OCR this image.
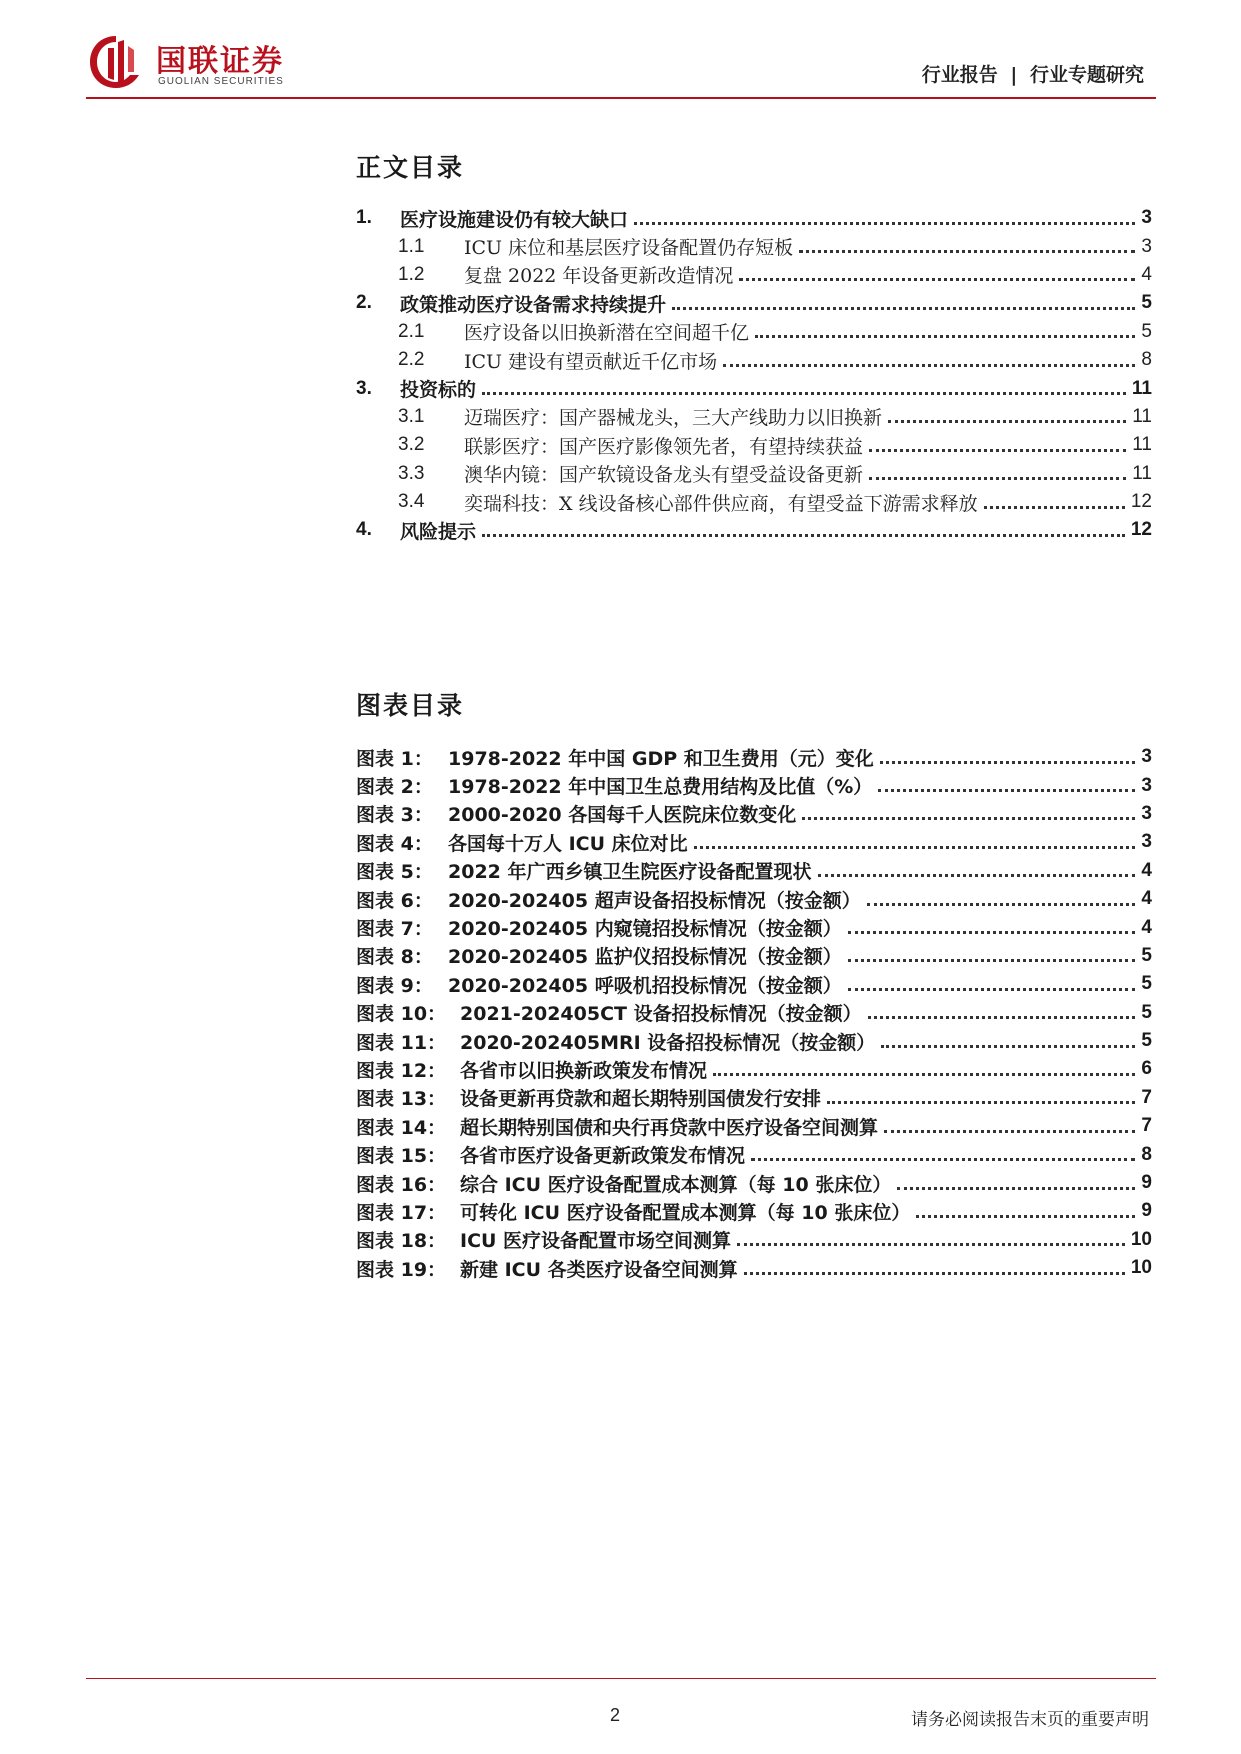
国联证券
GUOLIAN SECURITIES	行业报告 | 行业专题研究
正文目录
1.	医疗设施建设仍有较大缺口	3
1.1	ICU 床位和基层医疗设备配置仍存短板	3
1.2	复盘 2022 年设备更新改造情况	4
2.	政策推动医疗设备需求持续提升	5
2.1	医疗设备以旧换新潜在空间超千亿	5
2.2	ICU 建设有望贡献近千亿市场	8
3.	投资标的	11
3.1	迈瑞医疗：国产器械龙头，三大产线助力以旧换新	11
3.2	联影医疗：国产医疗影像领先者，有望持续获益	11
3.3	澳华内镜：国产软镜设备龙头有望受益设备更新	11
3.4	奕瑞科技：X 线设备核心部件供应商，有望受益下游需求释放	12
4.	风险提示	12
图表目录
图表 1： 1978-2022 年中国 GDP 和卫生费用（元）变化	3
图表 2： 1978-2022 年中国卫生总费用结构及比值（%）	3
图表 3： 2000-2020 各国每千人医院床位数变化	3
图表 4： 各国每十万人 ICU 床位对比	3
图表 5： 2022 年广西乡镇卫生院医疗设备配置现状	4
图表 6： 2020-202405 超声设备招投标情况（按金额）	4
图表 7： 2020-202405 内窥镜招投标情况（按金额）	4
图表 8： 2020-202405 监护仪招投标情况（按金额）	5
图表 9： 2020-202405 呼吸机招投标情况（按金额）	5
图表 10： 2021-202405CT 设备招投标情况（按金额）	5
图表 11： 2020-202405MRI 设备招投标情况（按金额）	5
图表 12： 各省市以旧换新政策发布情况	6
图表 13： 设备更新再贷款和超长期特别国债发行安排	7
图表 14： 超长期特别国债和央行再贷款中医疗设备空间测算	7
图表 15： 各省市医疗设备更新政策发布情况	8
图表 16： 综合 ICU 医疗设备配置成本测算（每 10 张床位）	9
图表 17： 可转化 ICU 医疗设备配置成本测算（每 10 张床位）	9
图表 18： ICU 医疗设备配置市场空间测算	10
图表 19： 新建 ICU 各类医疗设备空间测算	10
2	请务必阅读报告末页的重要声明
